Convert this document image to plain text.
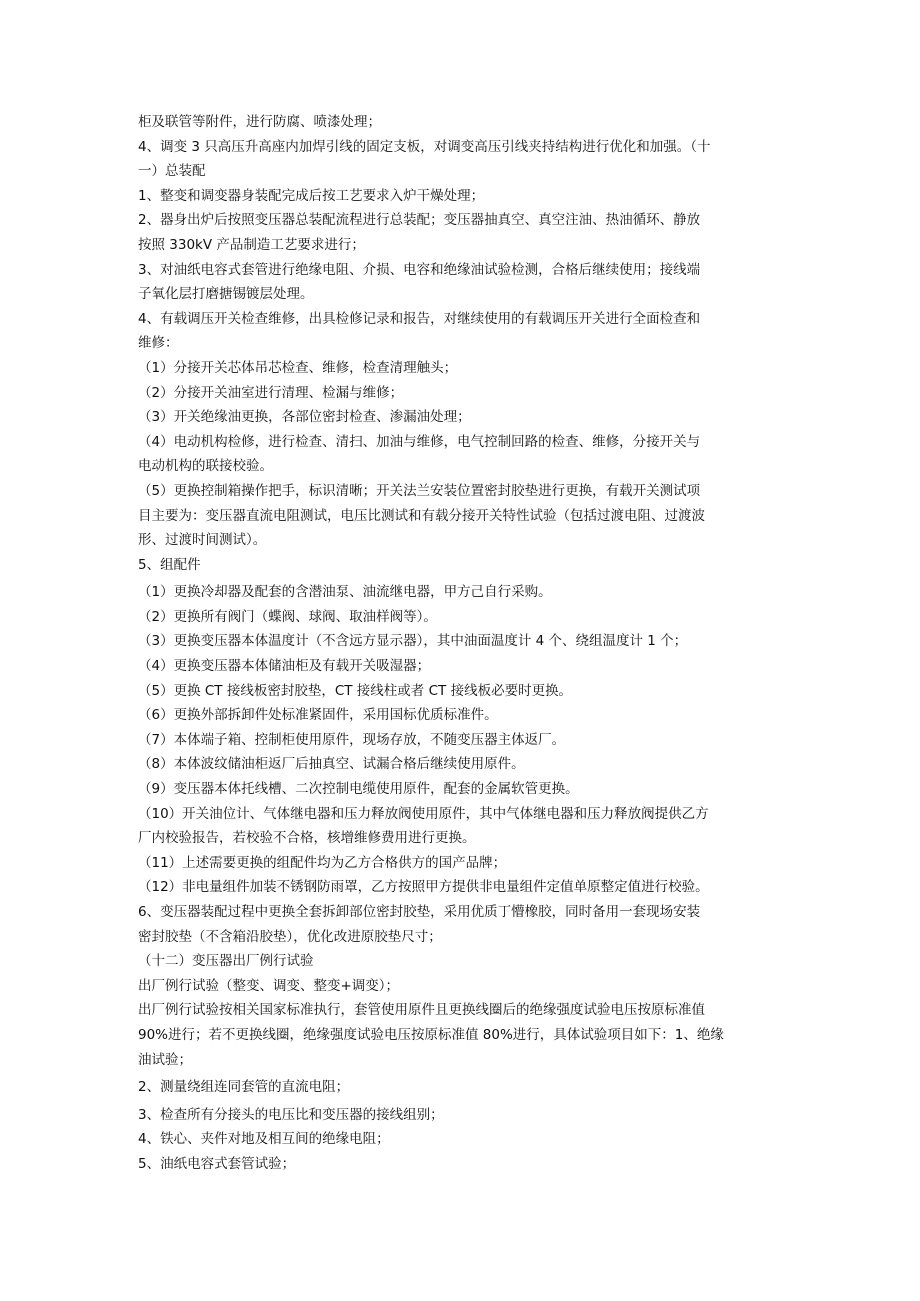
柜及联管等附件，进行防腐、喷漆处理；
4、调变 3 只高压升高座内加焊引线的固定支板，对调变高压引线夹持结构进行优化和加强。（十
一）总装配
1、整变和调变器身装配完成后按工艺要求入炉干燥处理；
2、器身出炉后按照变压器总装配流程进行总装配；变压器抽真空、真空注油、热油循环、静放
按照 330kV 产品制造工艺要求进行；
3、对油纸电容式套管进行绝缘电阻、介损、电容和绝缘油试验检测，合格后继续使用；接线端
子氧化层打磨搪锡镀层处理。
4、有载调压开关检查维修，出具检修记录和报告，对继续使用的有载调压开关进行全面检查和
维修：
（1）分接开关芯体吊芯检查、维修，检查清理触头；
（2）分接开关油室进行清理、检漏与维修；
（3）开关绝缘油更换，各部位密封检查、渗漏油处理；
（4）电动机构检修，进行检查、清扫、加油与维修，电气控制回路的检查、维修，分接开关与
电动机构的联接校验。
（5）更换控制箱操作把手，标识清晰；开关法兰安装位置密封胶垫进行更换，有载开关测试项
目主要为：变压器直流电阻测试，电压比测试和有载分接开关特性试验（包括过渡电阻、过渡波
形、过渡时间测试）。
5、组配件
（1）更换冷却器及配套的含潜油泵、油流继电器，甲方己自行采购。
（2）更换所有阀门（蝶阀、球阀、取油样阀等）。
（3）更换变压器本体温度计（不含远方显示器），其中油面温度计 4 个、绕组温度计 1 个；
（4）更换变压器本体储油柜及有载开关吸湿器；
（5）更换 CT 接线板密封胶垫，CT 接线柱或者 CT 接线板必要时更换。
（6）更换外部拆卸件处标准紧固件，采用国标优质标准件。
（7）本体端子箱、控制柜使用原件，现场存放，不随变压器主体返厂。
（8）本体波纹储油柜返厂后抽真空、试漏合格后继续使用原件。
（9）变压器本体托线槽、二次控制电缆使用原件，配套的金属软管更换。
（10）开关油位计、气体继电器和压力释放阀使用原件，其中气体继电器和压力释放阀提供乙方
厂内校验报告，若校验不合格，核增维修费用进行更换。
（11）上述需要更换的组配件均为乙方合格供方的国产品牌；
（12）非电量组件加装不锈钢防雨罩，乙方按照甲方提供非电量组件定值单原整定值进行校验。
6、变压器装配过程中更换全套拆卸部位密封胶垫，采用优质丁懵橡胶，同时备用一套现场安装
密封胶垫（不含箱沿胶垫），优化改进原胶垫尺寸；
（十二）变压器出厂例行试验
出厂例行试验（整变、调变、整变+调变）；
出厂例行试验按相关国家标准执行，套管使用原件且更换线圈后的绝缘强度试验电压按原标准值
90%进行；若不更换线圈，绝缘强度试验电压按原标准值 80%进行，具体试验项目如下：1、绝缘
油试验；
2、测量绕组连同套管的直流电阻；
3、检查所有分接头的电压比和变压器的接线组别；
4、铁心、夹件对地及相互间的绝缘电阻；
5、油纸电容式套管试验；
